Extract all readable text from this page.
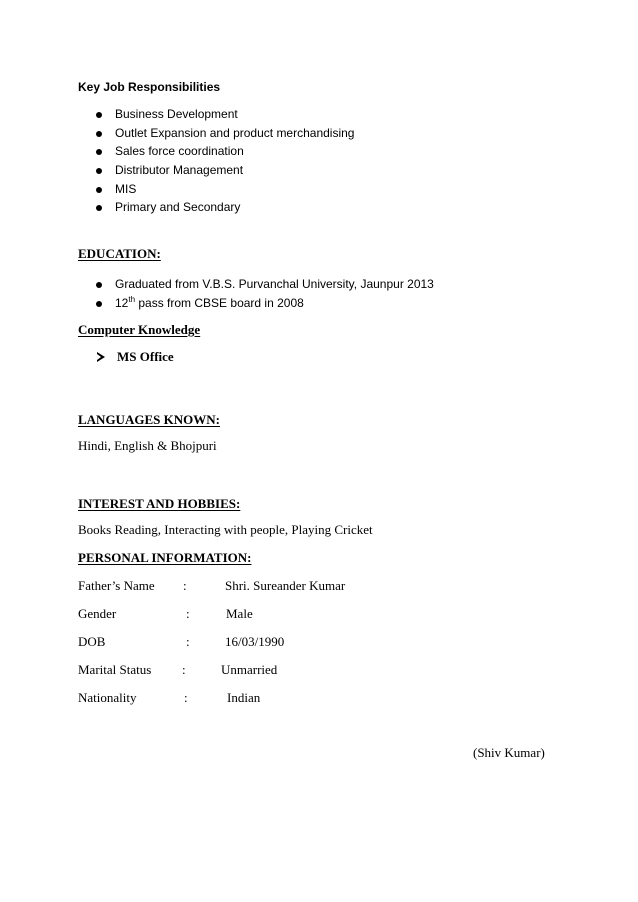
Key Job Responsibilities
Business Development
Outlet Expansion and product merchandising
Sales force coordination
Distributor Management
MIS
Primary and Secondary
EDUCATION:
Graduated from V.B.S. Purvanchal University, Jaunpur 2013
12th pass from CBSE board in 2008
Computer Knowledge
MS Office
LANGUAGES KNOWN:
Hindi, English & Bhojpuri
INTEREST AND HOBBIES:
Books Reading, Interacting with people, Playing Cricket
PERSONAL INFORMATION:
Father’s Name :	Shri. Sureander Kumar
Gender	:	Male
DOB	:	16/03/1990
Marital Status :	Unmarried
Nationality	:	Indian
(Shiv Kumar)
